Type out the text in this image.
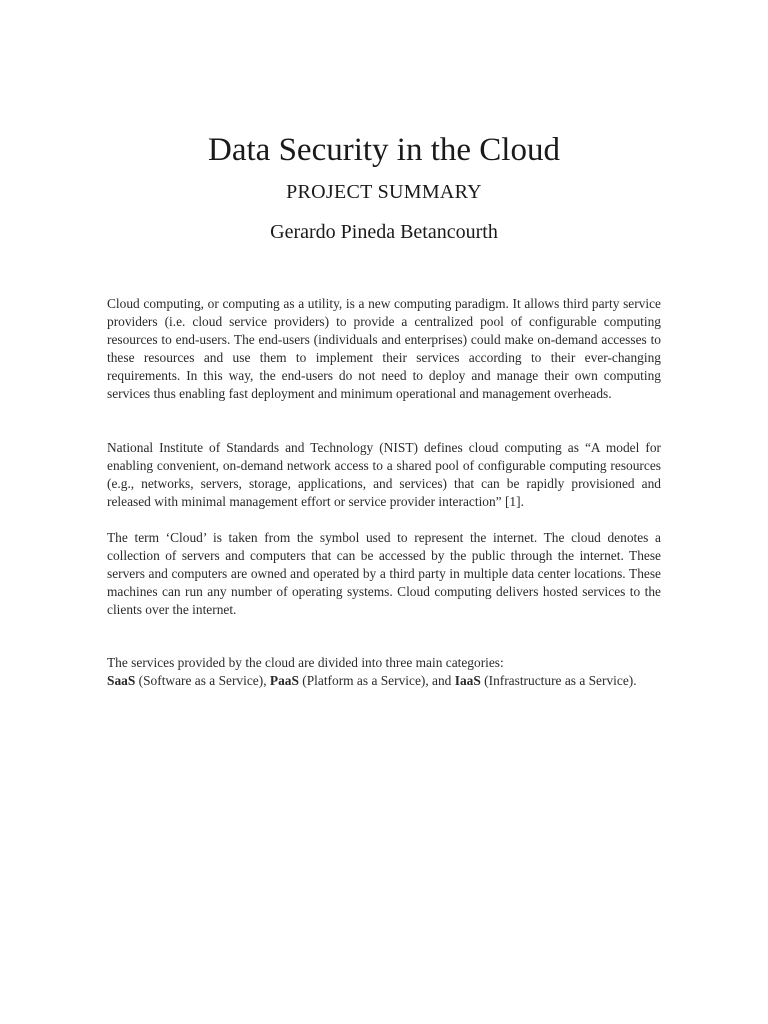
Data Security in the Cloud
PROJECT SUMMARY
Gerardo Pineda Betancourth

Cloud computing, or computing as a utility, is a new computing paradigm. It allows third party service providers (i.e. cloud service providers) to provide a centralized pool of configurable computing resources to end-users. The end-users (individuals and enterprises) could make on-demand accesses to these resources and use them to implement their services according to their ever-changing requirements. In this way, the end-users do not need to deploy and manage their own computing services thus enabling fast deployment and minimum operational and management overheads.

National Institute of Standards and Technology (NIST) defines cloud computing as “A model for enabling convenient, on-demand network access to a shared pool of configurable computing resources (e.g., networks, servers, storage, applications, and services) that can be rapidly provisioned and released with minimal management effort or service provider interaction” [1].

The term ‘Cloud’ is taken from the symbol used to represent the internet. The cloud denotes a collection of servers and computers that can be accessed by the public through the internet. These servers and computers are owned and operated by a third party in multiple data center locations. These machines can run any number of operating systems. Cloud computing delivers hosted services to the clients over the internet.

The services provided by the cloud are divided into three main categories:

SaaS (Software as a Service), PaaS (Platform as a Service), and IaaS (Infrastructure as a Service).
